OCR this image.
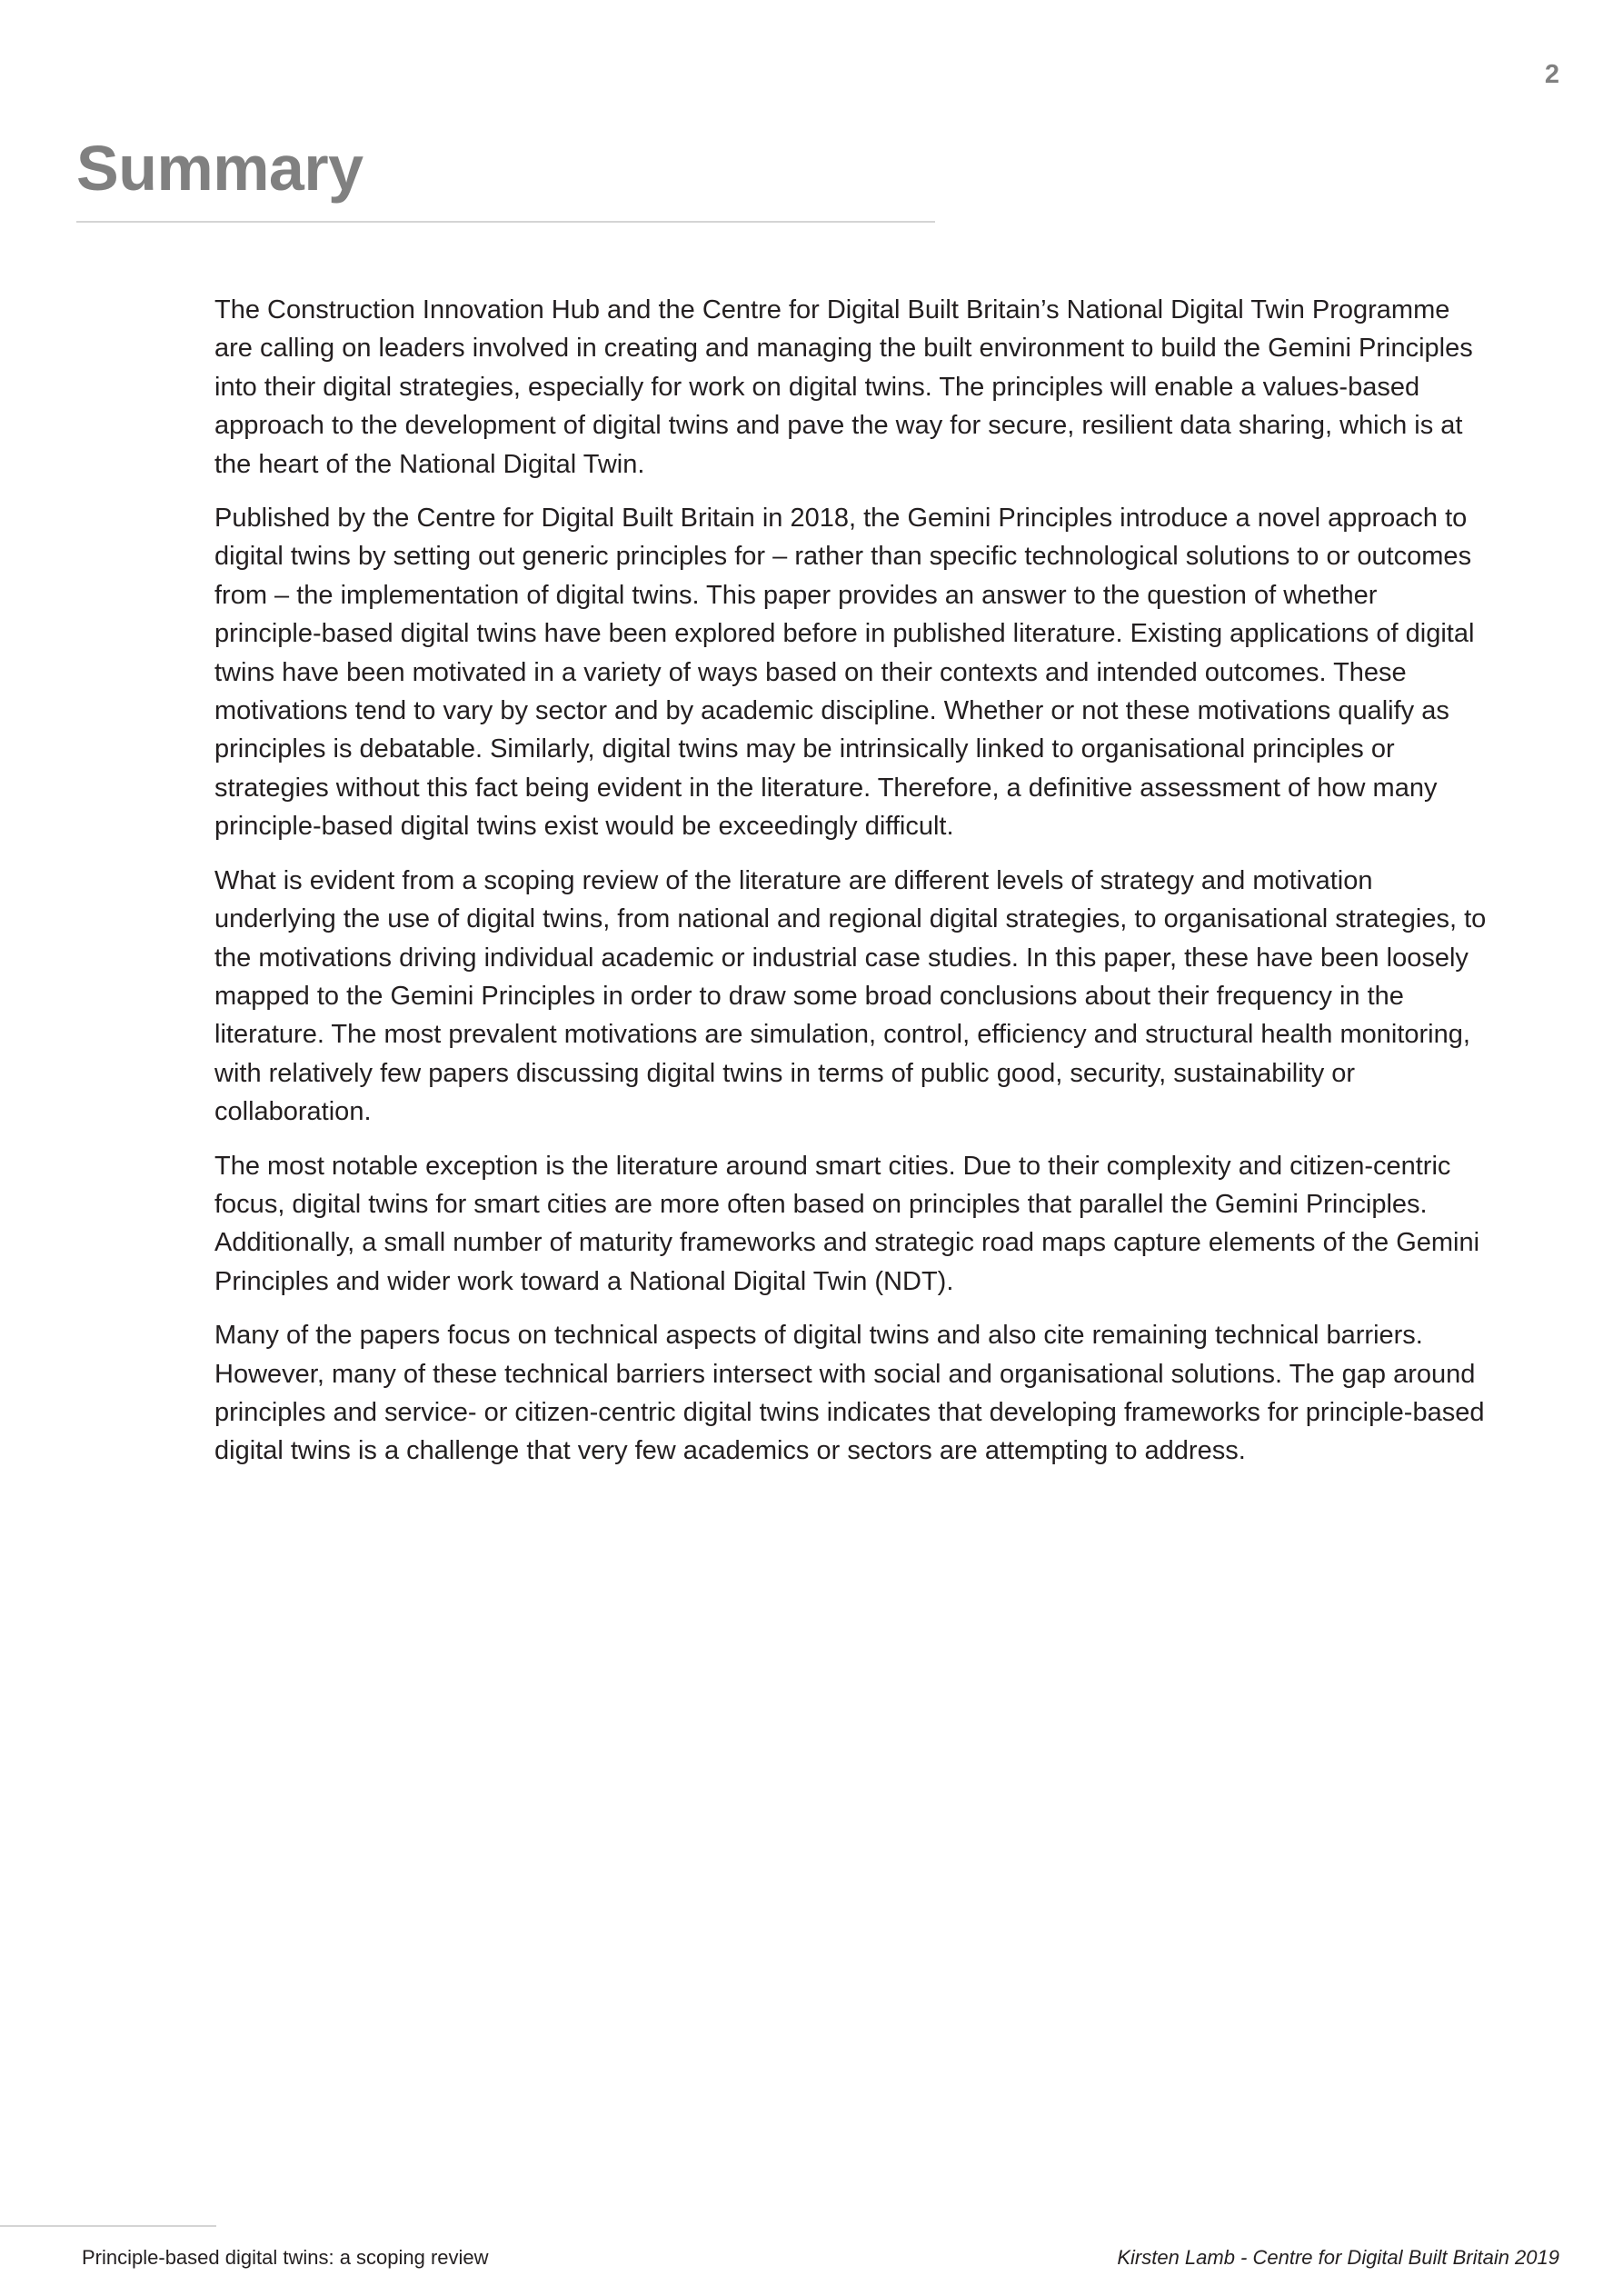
2
Summary

The Construction Innovation Hub and the Centre for Digital Built Britain’s National Digital Twin Programme are calling on leaders involved in creating and managing the built environment to build the Gemini Principles into their digital strategies, especially for work on digital twins. The principles will enable a values-based approach to the development of digital twins and pave the way for secure, resilient data sharing, which is at the heart of the National Digital Twin.

Published by the Centre for Digital Built Britain in 2018, the Gemini Principles introduce a novel approach to digital twins by setting out generic principles for – rather than specific technological solutions to or outcomes from – the implementation of digital twins. This paper provides an answer to the question of whether principle-based digital twins have been explored before in published literature. Existing applications of digital twins have been motivated in a variety of ways based on their contexts and intended outcomes. These motivations tend to vary by sector and by academic discipline. Whether or not these motivations qualify as principles is debatable. Similarly, digital twins may be intrinsically linked to organisational principles or strategies without this fact being evident in the literature. Therefore, a definitive assessment of how many principle-based digital twins exist would be exceedingly difficult.

What is evident from a scoping review of the literature are different levels of strategy and motivation underlying the use of digital twins, from national and regional digital strategies, to organisational strategies, to the motivations driving individual academic or industrial case studies. In this paper, these have been loosely mapped to the Gemini Principles in order to draw some broad conclusions about their frequency in the literature. The most prevalent motivations are simulation, control, efficiency and structural health monitoring, with relatively few papers discussing digital twins in terms of public good, security, sustainability or collaboration.

The most notable exception is the literature around smart cities. Due to their complexity and citizen-centric focus, digital twins for smart cities are more often based on principles that parallel the Gemini Principles. Additionally, a small number of maturity frameworks and strategic road maps capture elements of the Gemini Principles and wider work toward a National Digital Twin (NDT).

Many of the papers focus on technical aspects of digital twins and also cite remaining technical barriers. However, many of these technical barriers intersect with social and organisational solutions. The gap around principles and service- or citizen-centric digital twins indicates that developing frameworks for principle-based digital twins is a challenge that very few academics or sectors are attempting to address.

Principle-based digital twins: a scoping review	Kirsten Lamb - Centre for Digital Built Britain 2019
